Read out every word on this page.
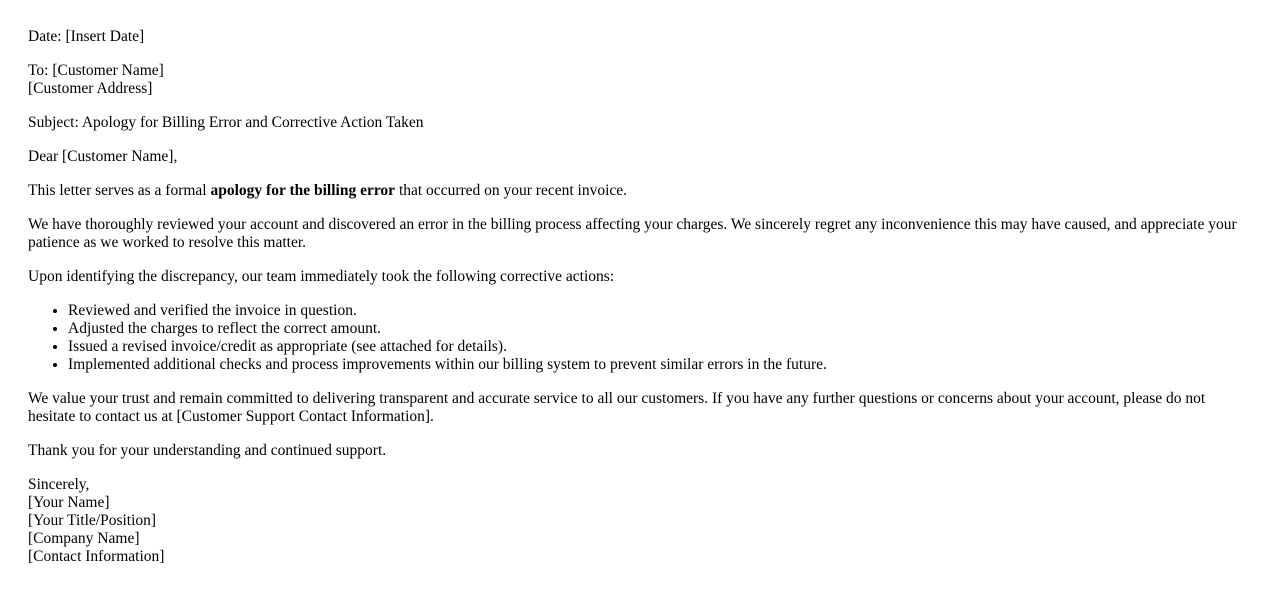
Date: [Insert Date]

To: [Customer Name]
[Customer Address]

Subject: Apology for Billing Error and Corrective Action Taken

Dear [Customer Name],

This letter serves as a formal apology for the billing error that occurred on your recent invoice.

We have thoroughly reviewed your account and discovered an error in the billing process affecting your charges. We sincerely regret any inconvenience this may have caused, and appreciate your patience as we worked to resolve this matter.

Upon identifying the discrepancy, our team immediately took the following corrective actions:

• Reviewed and verified the invoice in question.
• Adjusted the charges to reflect the correct amount.
• Issued a revised invoice/credit as appropriate (see attached for details).
• Implemented additional checks and process improvements within our billing system to prevent similar errors in the future.

We value your trust and remain committed to delivering transparent and accurate service to all our customers. If you have any further questions or concerns about your account, please do not hesitate to contact us at [Customer Support Contact Information].

Thank you for your understanding and continued support.

Sincerely,
[Your Name]
[Your Title/Position]
[Company Name]
[Contact Information]
